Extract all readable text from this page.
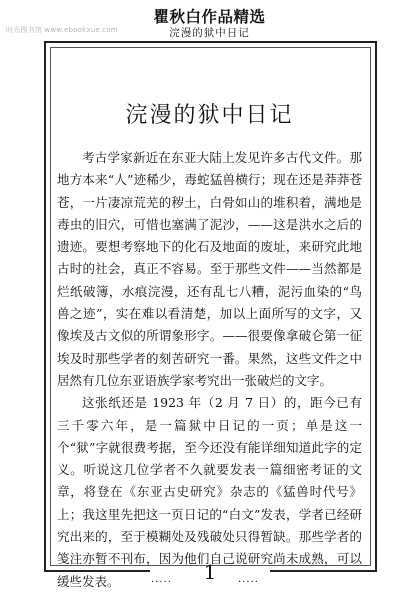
时光图书馆 www.ebookxue.com
瞿秋白作品精选
浣漫的狱中日记
浣漫的狱中日记

考古学家新近在东亚大陆上发见许多古代文件。那地方本来“人”迹稀少，毒蛇猛兽横行；现在还是莽莽苍苍，一片凄凉荒芜的秽土，白骨如山的堆积着，满地是毒虫的旧穴，可惜也塞满了泥沙，——这是洪水之后的遗迹。要想考察地下的化石及地面的废址，来研究此地古时的社会，真正不容易。至于那些文件——当然都是烂纸破簿，水痕浣漫，还有乱七八糟，泥污血染的“鸟兽之迹”，实在难以看清楚，加以上面所写的文字，又像埃及古文似的所谓象形字。——很要像拿破仑第一征埃及时那些学者的刻苦研究一番。果然，这些文件之中居然有几位东亚语族学家考究出一张破烂的文字。

这张纸还是 1923 年（2 月 7 日）的，距今已有三千零六年，是一篇狱中日记的一页；单是这一个“狱”字就很费考据，至今还没有能详细知道此字的定义。听说这几位学者不久就要发表一篇细密考证的文章，将登在《东亚古史研究》杂志的《猛兽时代号》上；我这里先把这一页日记的“白文”发表，学者已经研究出来的，至于模糊处及残破处只得暂缺。那些学者的笺注亦暂不刊布，因为他们自己说研究尚未成熟，可以缓些发表。	.....	1	.....
